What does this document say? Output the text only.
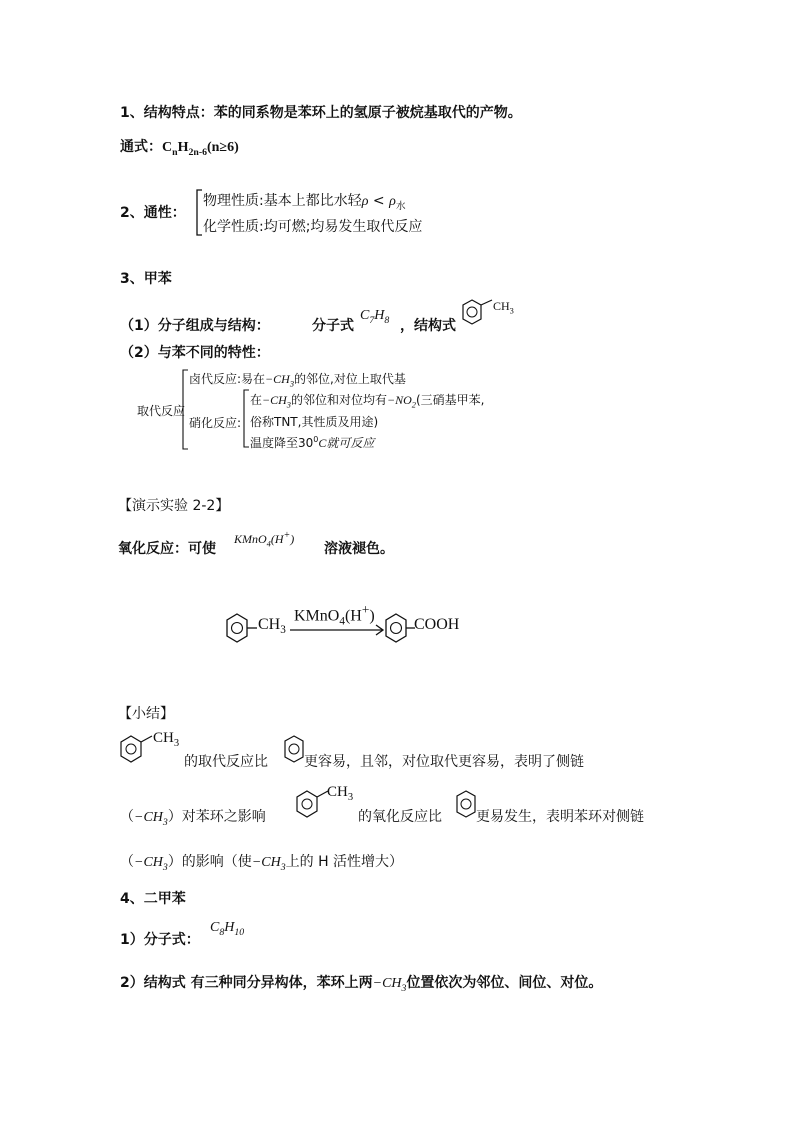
1、结构特点：苯的同系物是苯环上的氢原子被烷基取代的产物。
通式：$C_nH_{2n-6}(n\ge 6)$
2、通性：
物理性质:基本上都比水轻$\rho < \rho_水$
化学性质:均可燃;均易发生取代反应
3、甲苯
（1）分子组成与结构：	分子式
$C_7H_8$ ，结构式
$CH_3$
（2）与苯不同的特性：
取代反应
卤代反应:易在$-CH_3$的邻位,对位上取代基
硝化反应:
在$-CH_3$的邻位和对位均有$-NO_2$(三硝基甲苯,
俗称TNT,其性质及用途)
温度降至$30^0C$就可反应
【演示实验 2-2】
氧化反应：可使
KMnO$_4$(H+)
溶液褪色。
$CH_3$
KMnO$_4$(H+)
COOH
【小结】
$CH_3$
的取代反应比	更容易，且邻，对位取代更容易，表明了侧链
$(-CH_3)$对苯环之影响
$CH_3$
的氧化反应比 更易发生，表明苯环对侧链
$(-CH_3)$的影响（使$-CH_3$上的 H 活性增大）
4、二甲苯
1）分子式：
$C_8H_{10}$
2）结构式 有三种同分异构体，苯环上两$-CH_3$位置依次为邻位、间位、对位。
